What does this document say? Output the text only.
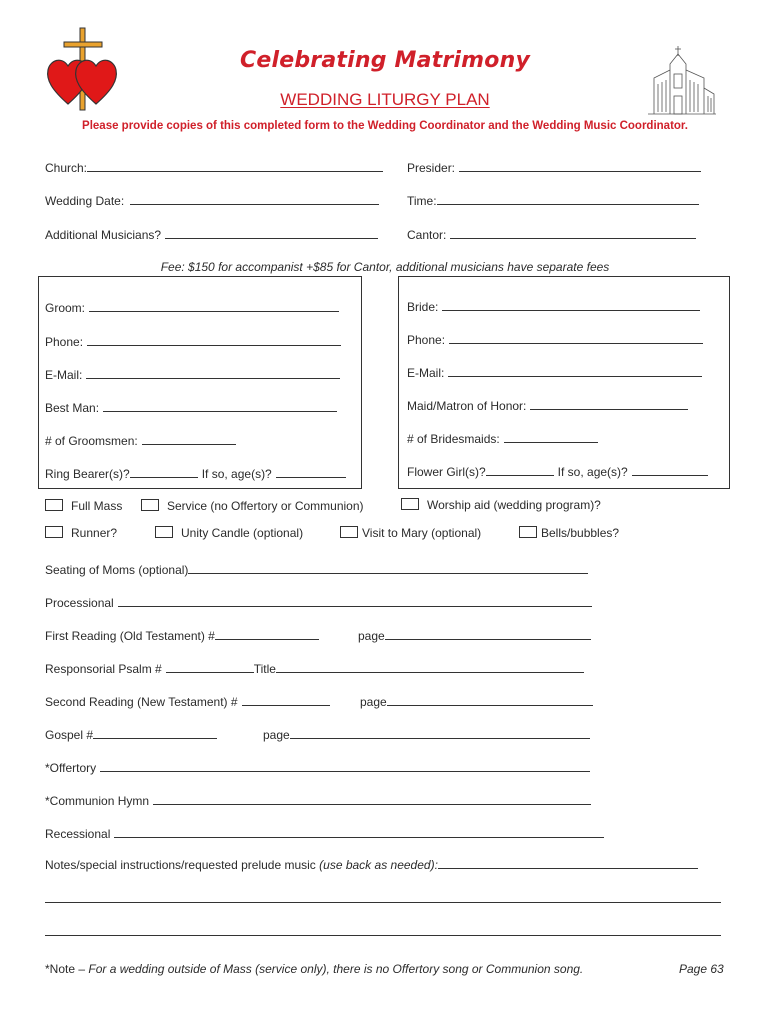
Celebrating Matrimony
WEDDING LITURGY PLAN
Please provide copies of this completed form to the Wedding Coordinator and the Wedding Music Coordinator.
Church:	Presider:
Wedding Date:	Time:
Additional Musicians?	Cantor:
Fee: $150 for accompanist +$85 for Cantor, additional musicians have separate fees
Groom:
Phone:
E-Mail:
Best Man:
# of Groomsmen:
Ring Bearer(s)?	If so, age(s)?
Bride:
Phone:
E-Mail:
Maid/Matron of Honor:
# of Bridesmaids:
Flower Girl(s)?	If so, age(s)?
Full Mass	Service (no Offertory or Communion)	Worship aid (wedding program)?
Runner?	Unity Candle (optional)	Visit to Mary (optional)	Bells/bubbles?
Seating of Moms (optional)
Processional
First Reading (Old Testament) #	page
Responsorial Psalm #	Title
Second Reading (New Testament) #	page
Gospel #	page
*Offertory
*Communion Hymn
Recessional
Notes/special instructions/requested prelude music (use back as needed):
*Note – For a wedding outside of Mass (service only), there is no Offertory song or Communion song.	Page 63
